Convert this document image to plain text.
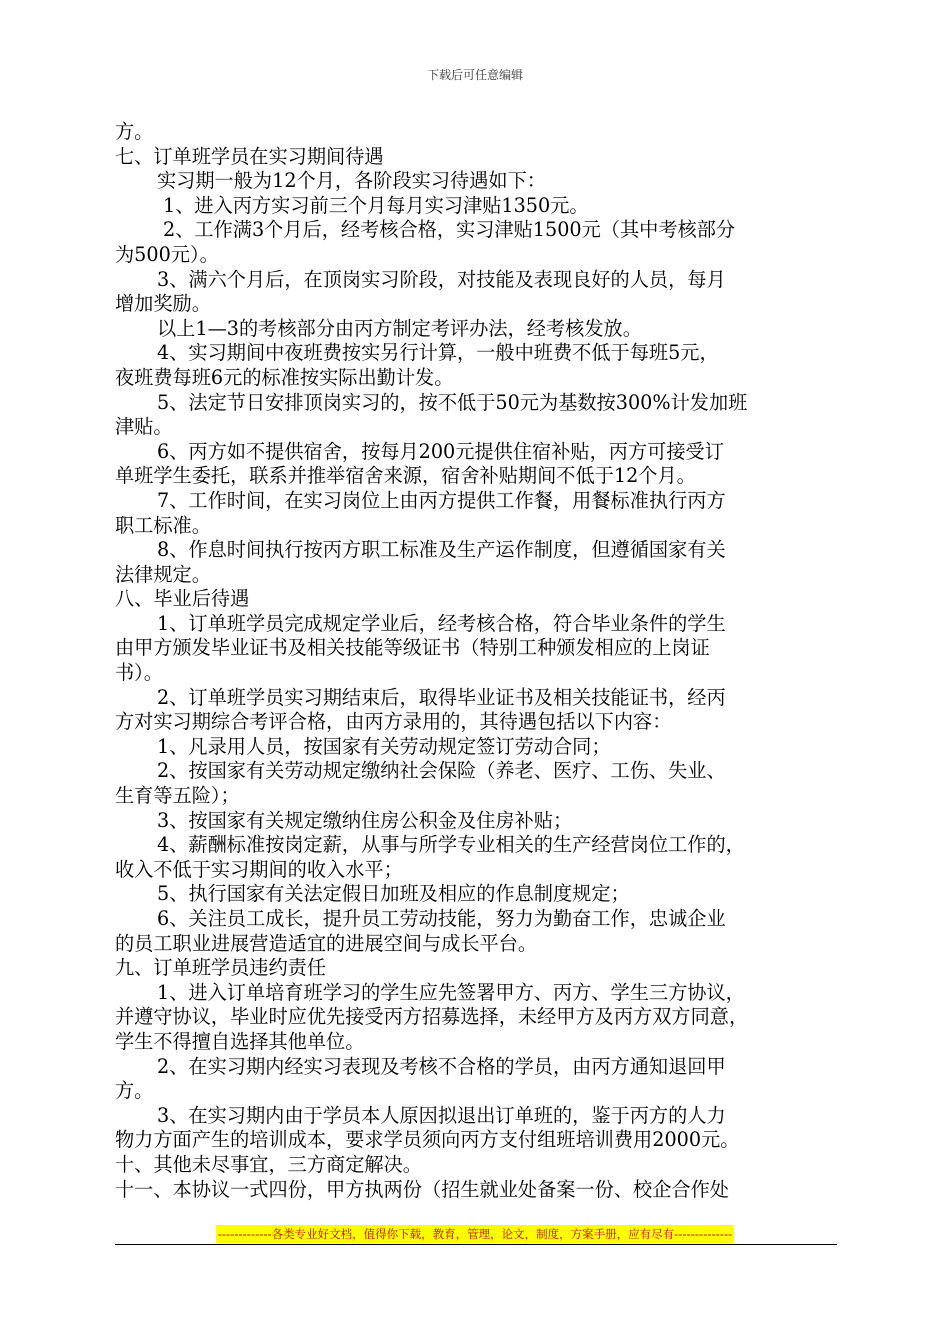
下载后可任意编辑
方。
七、订单班学员在实习期间待遇
实习期一般为12个月，各阶段实习待遇如下：
1、进入丙方实习前三个月每月实习津贴1350元。
2、工作满3个月后，经考核合格，实习津贴1500元（其中考核部分
为500元）。
3、满六个月后，在顶岗实习阶段，对技能及表现良好的人员，每月
增加奖励。
以上1—3的考核部分由丙方制定考评办法，经考核发放。
4、实习期间中夜班费按实另行计算，一般中班费不低于每班5元，
夜班费每班6元的标准按实际出勤计发。
5、法定节日安排顶岗实习的，按不低于50元为基数按300%计发加班
津贴。
6、丙方如不提供宿舍，按每月200元提供住宿补贴，丙方可接受订
单班学生委托，联系并推举宿舍来源，宿舍补贴期间不低于12个月。
7、工作时间，在实习岗位上由丙方提供工作餐，用餐标准执行丙方
职工标准。
8、作息时间执行按丙方职工标准及生产运作制度，但遵循国家有关
法律规定。
八、毕业后待遇
1、订单班学员完成规定学业后，经考核合格，符合毕业条件的学生
由甲方颁发毕业证书及相关技能等级证书（特别工种颁发相应的上岗证
书）。
2、订单班学员实习期结束后，取得毕业证书及相关技能证书，经丙
方对实习期综合考评合格，由丙方录用的，其待遇包括以下内容：
1、凡录用人员，按国家有关劳动规定签订劳动合同；
2、按国家有关劳动规定缴纳社会保险（养老、医疗、工伤、失业、
生育等五险）；
3、按国家有关规定缴纳住房公积金及住房补贴；
4、薪酬标准按岗定薪，从事与所学专业相关的生产经营岗位工作的，
收入不低于实习期间的收入水平；
5、执行国家有关法定假日加班及相应的作息制度规定；
6、关注员工成长，提升员工劳动技能，努力为勤奋工作，忠诚企业
的员工职业进展营造适宜的进展空间与成长平台。
九、订单班学员违约责任
1、进入订单培育班学习的学生应先签署甲方、丙方、学生三方协议，
并遵守协议，毕业时应优先接受丙方招募选择，未经甲方及丙方双方同意，
学生不得擅自选择其他单位。
2、在实习期内经实习表现及考核不合格的学员，由丙方通知退回甲
方。
3、在实习期内由于学员本人原因拟退出订单班的，鉴于丙方的人力
物力方面产生的培训成本，要求学员须向丙方支付组班培训费用2000元。
十、其他未尽事宜，三方商定解决。
十一、本协议一式四份，甲方执两份（招生就业处备案一份、校企合作处
-------------各类专业好文档，值得你下载，教育，管理，论文，制度，方案手册，应有尽有--------------
